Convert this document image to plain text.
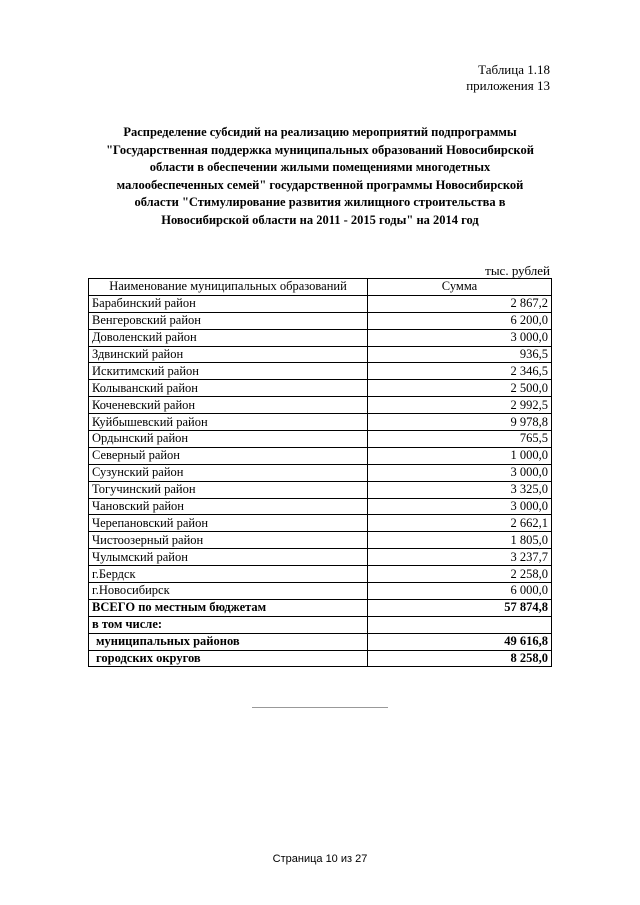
Таблица 1.18
приложения 13
Распределение субсидий на реализацию мероприятий подпрограммы
"Государственная поддержка муниципальных образований Новосибирской
области в обеспечении жилыми помещениями многодетных
малообеспеченных семей" государственной программы Новосибирской
области "Стимулирование развития жилищного строительства в
Новосибирской области на 2011 - 2015 годы" на 2014 год
тыс. рублей
Наименование муниципальных образований	Сумма
Барабинский район	2 867,2
Венгеровский район	6 200,0
Доволенский район	3 000,0
Здвинский район	936,5
Искитимский район	2 346,5
Колыванский район	2 500,0
Коченевский район	2 992,5
Куйбышевский район	9 978,8
Ордынский район	765,5
Северный район	1 000,0
Сузунский район	3 000,0
Тогучинский район	3 325,0
Чановский район	3 000,0
Черепановский район	2 662,1
Чистоозерный район	1 805,0
Чулымский район	3 237,7
г.Бердск	2 258,0
г.Новосибирск	6 000,0
ВСЕГО по местным бюджетам	57 874,8
в том числе:	
муниципальных районов	49 616,8
городских округов	8 258,0
Страница 10 из 27
